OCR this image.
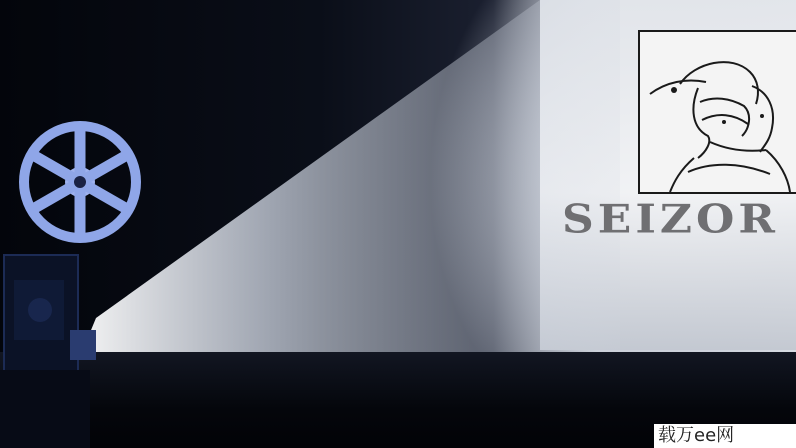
SEIZOR
载万ee网
